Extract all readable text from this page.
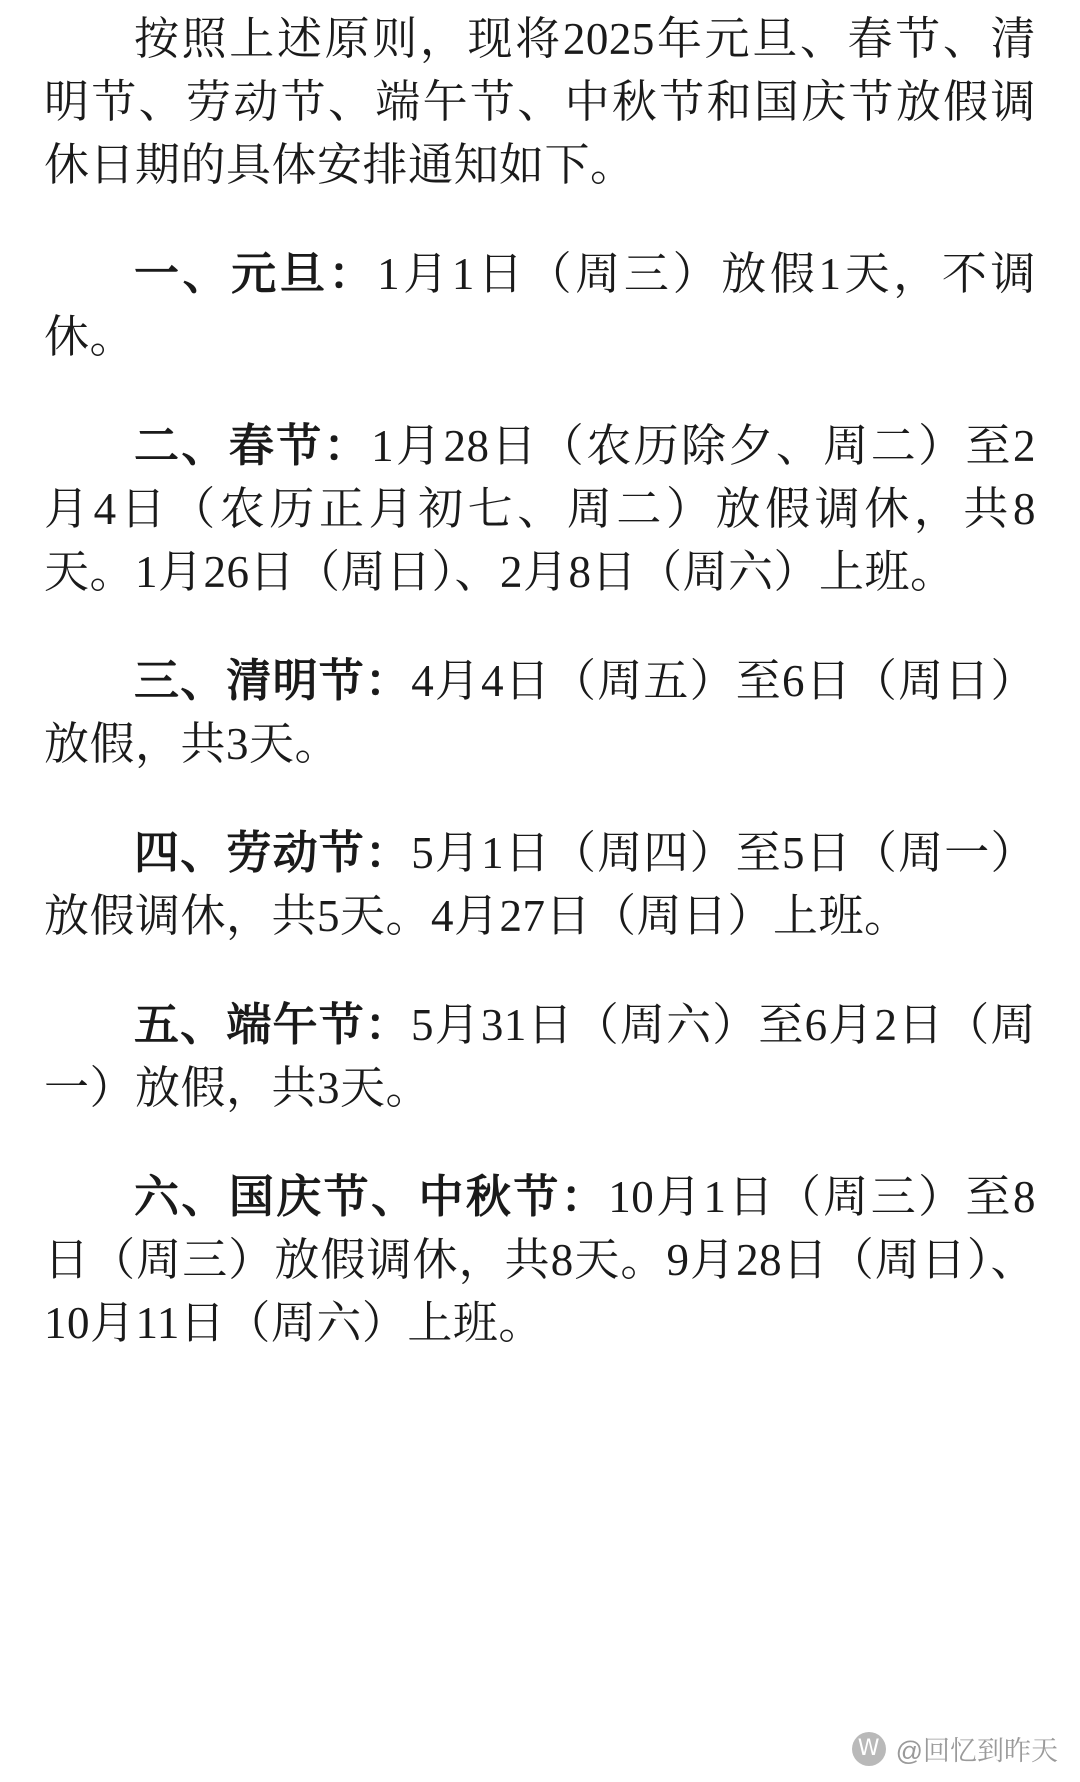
按照上述原则，现将2025年元旦、春节、清明节、劳动节、端午节、中秋节和国庆节放假调休日期的具体安排通知如下。

一、元旦：1月1日（周三）放假1天，不调休。

二、春节：1月28日（农历除夕、周二）至2月4日（农历正月初七、周二）放假调休，共8天。1月26日（周日）、2月8日（周六）上班。

三、清明节：4月4日（周五）至6日（周日）放假，共3天。

四、劳动节：5月1日（周四）至5日（周一）放假调休，共5天。4月27日（周日）上班。

五、端午节：5月31日（周六）至6月2日（周一）放假，共3天。

六、国庆节、中秋节：10月1日（周三）至8日（周三）放假调休，共8天。9月28日（周日）、10月11日（周六）上班。

W @回忆到昨天
